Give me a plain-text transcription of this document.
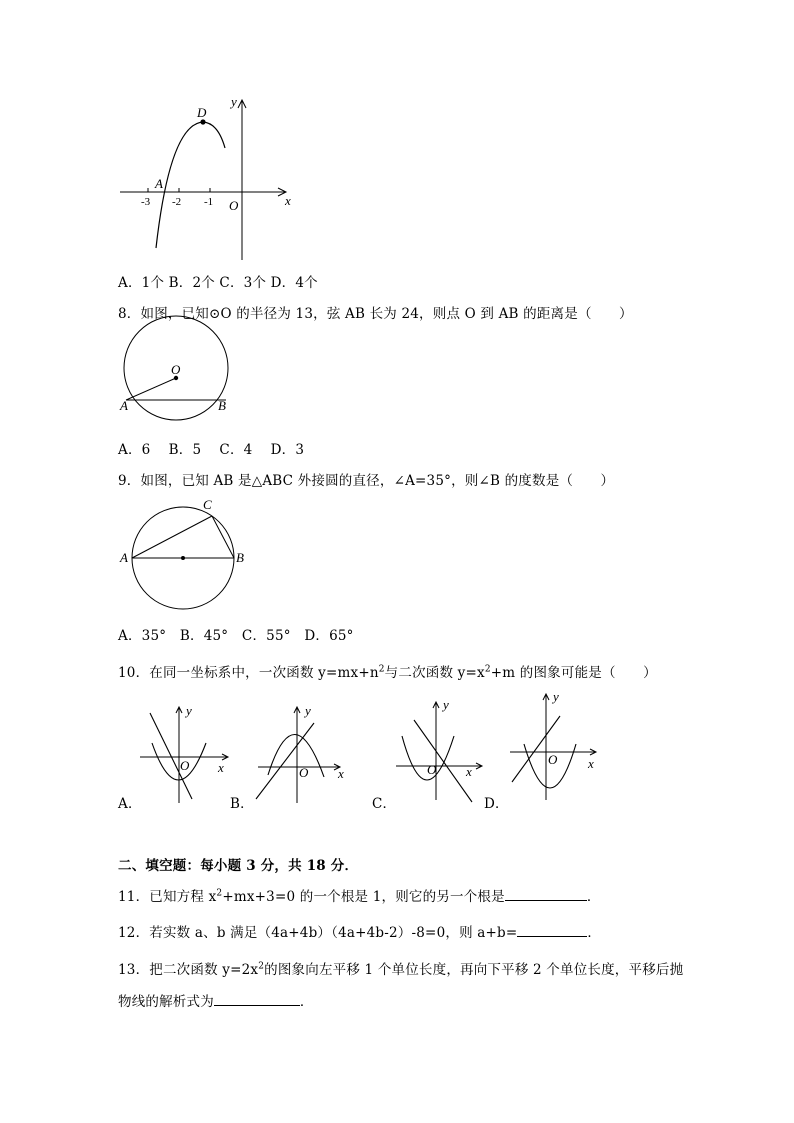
D
y
A
-3 -2 -1 O	x
A．1个 B．2个 C．3个 D．4个
8．如图，已知⊙O 的半径为 13，弦 AB 长为 24，则点 O 到 AB 的距离是（　　）
O
A	B
A．6　 B．5　 C．4　 D．3
9．如图，已知 AB 是△ABC 外接圆的直径，∠A=35°，则∠B 的度数是（　　）
C
A	B
A．35°　B．45°　C．55°　D．65°
10．在同一坐标系中，一次函数 $y=mx+n^2$与二次函数 $y=x^2+m$ 的图象可能是（　　）
y
O x
A．
y
O x
B．
y
O x
C．
y
O x
D．
二、填空题：每小题 3 分，共 18 分．
11．已知方程 $x^2+mx+3=0$ 的一个根是 1，则它的另一个根是	．
12．若实数 a、b 满足（4a+4b）（4a+4b-2）-8=0，则 a+b=	．
13．把二次函数 $y=2x^2$的图象向左平移 1 个单位长度，再向下平移 2 个单位长度，平移后抛
物线的解析式为	．
